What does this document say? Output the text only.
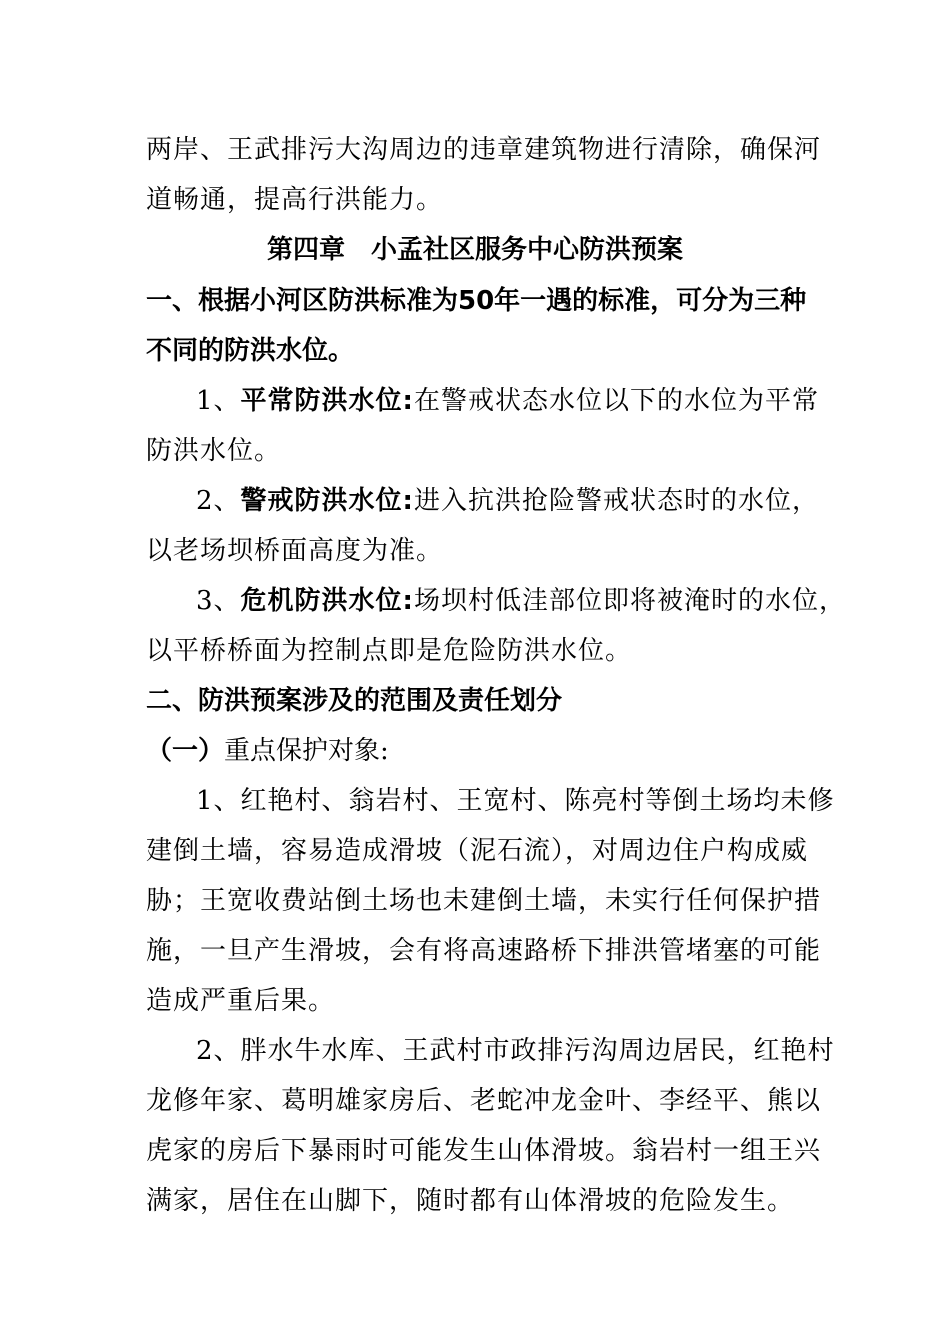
两岸、王武排污大沟周边的违章建筑物进行清除，确保河
道畅通，提高行洪能力。
第四章　小孟社区服务中心防洪预案
一、根据小河区防洪标准为50年一遇的标准，可分为三种
不同的防洪水位。
1、平常防洪水位:在警戒状态水位以下的水位为平常
防洪水位。
2、警戒防洪水位:进入抗洪抢险警戒状态时的水位，
以老场坝桥面高度为准。
3、危机防洪水位:场坝村低洼部位即将被淹时的水位，
以平桥桥面为控制点即是危险防洪水位。
二、防洪预案涉及的范围及责任划分
（一）重点保护对象:
1、红艳村、翁岩村、王宽村、陈亮村等倒土场均未修
建倒土墙，容易造成滑坡（泥石流），对周边住户构成威
胁；王宽收费站倒土场也未建倒土墙，未实行任何保护措
施，一旦产生滑坡，会有将高速路桥下排洪管堵塞的可能
造成严重后果。
2、胖水牛水库、王武村市政排污沟周边居民，红艳村
龙修年家、葛明雄家房后、老蛇冲龙金叶、李经平、熊以
虎家的房后下暴雨时可能发生山体滑坡。翁岩村一组王兴
满家，居住在山脚下，随时都有山体滑坡的危险发生。
